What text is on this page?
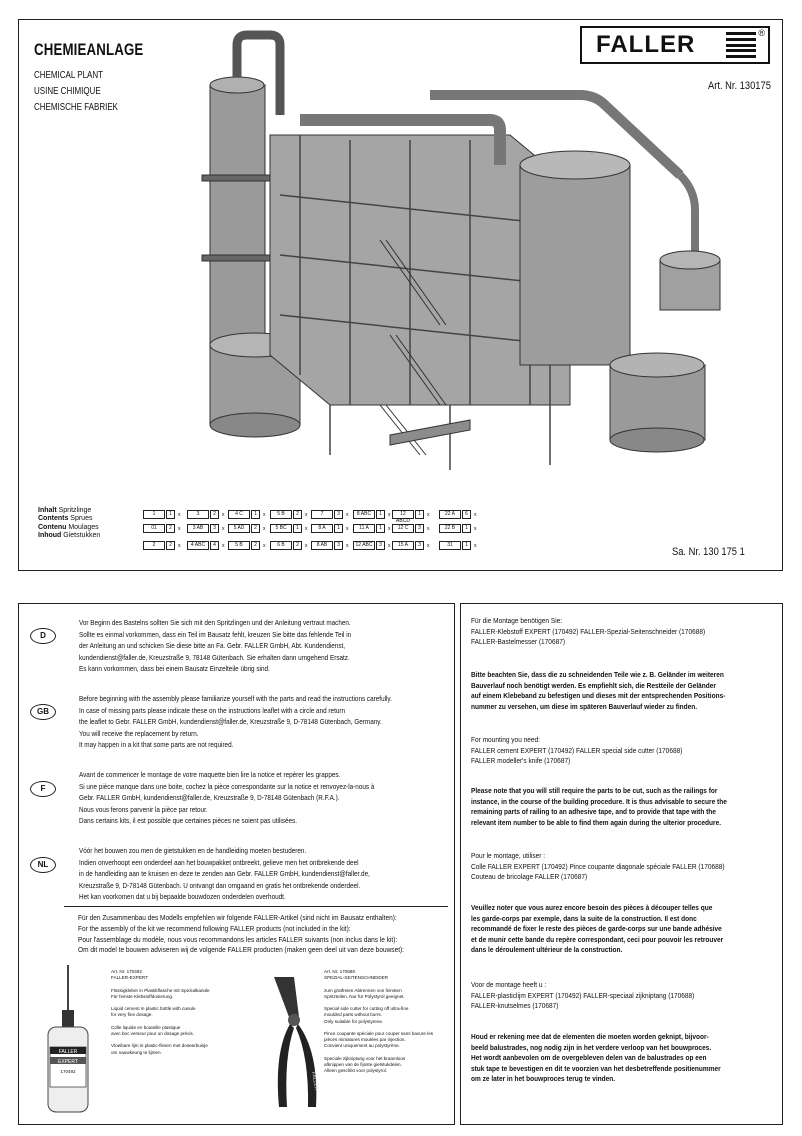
CHEMIEANLAGE
CHEMICAL PLANT
USINE CHIMIQUE
CHEMISCHE FABRIEK
FALLER	®
Art. Nr. 130175
Inhalt Spritzlinge
Contents Sprues
Contenu Moulages
Inhoud Gietstukken
1	1 x	3	2 x	4 C 1 x	5 B 2 x	7	3 x	8 ABC 1 x	12 ABCD1 x	22 A 6 x
01 2 x	3 AB 3 x	5 AD 2 x	5 BC 1 x	8 A 1 x	11 A 1 x	12 C 3 x	22 B 1 x
2	2 x	4 ABC 4 x	5 B 2 x	6 B 2 x	8 AB 3 x	12 ABC 3 x	15 A 3 x	31 1 x
Sa. Nr. 130 175 1
D
Vor Beginn des Bastelns sollten Sie sich mit den Spritzlingen und der Anleitung vertraut machen.
Sollte es einmal vorkommen, dass ein Teil im Bausatz fehlt, kreuzen Sie bitte das fehlende Teil in
der Anleitung an und schicken Sie diese bitte an Fa. Gebr. FALLER GmbH, Abt. Kundendienst,
kundendienst@faller.de, Kreuzstraße 9, 78148 Gütenbach. Sie erhalten dann umgehend Ersatz.
Es kann vorkommen, dass bei einem Bausatz Einzelteile übrig sind.
GB
Before beginning with the assembly please familiarize yourself with the parts and read the instructions carefully.
In case of missing parts please indicate these on the instructions leaflet with a circle and return
the leaflet to Gebr. FALLER GmbH, kundendienst@faller.de, Kreuzstraße 9, D-78148 Gütenbach, Germany.
You will receive the replacement by return.
It may happen in a kit that some parts are not required.
F
Avant de commencer le montage de votre maquette bien lire la notice et repérer les grappes.
Si une pièce manque dans une boite, cochez la pièce correspondante sur la notice et renvoyez-la-nous à
Gebr. FALLER GmbH, kundendienst@faller.de, Kreuzstraße 9, D-78148 Gütenbach (R.F.A.).
Nous vous ferons parvenir la pièce par retour.
Dans certains kits, il est possible que certaines pièces ne soient pas utilisées.
NL
Vóór het bouwen zou men de gietstukken en de handleiding moeten bestuderen.
Indien onverhoopt een onderdeel aan het bouwpakket ontbreekt, gelieve men het ontbrekende deel
in de handleiding aan te kruisen en deze te zenden aan Gebr. FALLER GmbH, kundendienst@faller.de,
Kreuzstraße 9, D-78148 Gütenbach. U ontvangt dan omgaand en gratis het ontbrekende onderdeel.
Het kan voorkomen dat u bij bepaalde bouwdozen onderdelen overhoudt.
Für den Zusammenbau des Modells empfehlen wir folgende FALLER-Artikel (sind nicht im Bausatz enthalten):
For the assembly of the kit we recommend following FALLER products (not included in the kit):
Pour l'assemblage du modèle, nous vous recommandons les articles FALLER suivants (non inclus dans le kit):
Om dit model te bouwen adviseren wij de volgende FALLER producten (maken geen deel uit van deze bouwset):
FALLER
EXPERT
170492
Art. Nr. 170492
FALLER-EXPERT

Flüssigkleber in Plastikflasche mit Spezialkanüle
Für feinste Klebstoffdosierung.

Liquid cement in plastic bottle with canule
for very fine dosage.

Colle liquide en bouteille plastique
avec bec verseur pour un dosage précis.

Vloeibare lijm in plastic-flesen met doseerbuisje
om nauwkeurig te lijmen.
FALLER
Art. Nr. 170688
SPEZIAL-SEITENSCHNEIDER

zum gratfreien Abtrennen von feinsten
Spritzteilen. Nur für Polystyrol geeignet.

Special side cutter for cutting off ultra-fine
moulded parts without burrs.
Only suitable for polystyrene.

Pince coupante spéciale pour couper sans bavure les
pièces miniatures moulées par injection.
Convient uniquement au polystyrène.

Speciale zijkniptang voor het braamloos
afknippen van de fijnste gietstukdelen.
Alleen geschikt voor polystyrol.
Für die Montage benötigen Sie:
FALLER-Klebstoff EXPERT (170492) FALLER-Spezial-Seitenschneider (170688)
FALLER-Bastelmesser (170687)
Bitte beachten Sie, dass die zu schneidenden Teile wie z. B. Geländer im weiteren
Bauverlauf noch benötigt werden. Es empfiehlt sich, die Restteile der Geländer
auf einem Klebeband zu befestigen und dieses mit der entsprechenden Positions-
nummer zu versehen, um diese im späteren Bauverlauf wieder zu finden.
For mounting you need:
FALLER cement EXPERT (170492) FALLER special side cutter (170688)
FALLER modeller's knife (170687)
Please note that you will still require the parts to be cut, such as the railings for
instance, in the course of the building procedure. It is thus advisable to secure the
remaining parts of railing to an adhesive tape, and to provide that tape with the
relevant item number to be able to find them again during the ulterior procedure.
Pour le montage, utiliser :
Colle FALLER EXPERT (170492) Pince coupante diagonale spéciale FALLER (170688)
Couteau de bricolage FALLER (170687)
Veuillez noter que vous aurez encore besoin des pièces à découper telles que
les garde-corps par exemple, dans la suite de la construction. Il est donc
recommandé de fixer le reste des pièces de garde-corps sur une bande adhésive
et de munir cette bande du repère correspondant, ceci pour pouvoir les retrouver
dans le déroulement ultérieur de la construction.
Voor de montage heeft u :
FALLER-plasticlijm EXPERT (170492) FALLER-speciaal zijkniptang (170688)
FALLER-knutselmes (170687)
Houd er rekening mee dat de elementen die moeten worden geknipt, bijvoor-
beeld balustrades, nog nodig zijn in het verdere verloop van het bouwproces.
Het wordt aanbevolen om de overgebleven delen van de balustrades op een
stuk tape te bevestigen en dit te voorzien van het desbetreffende positienummer
om ze later in het bouwproces terug te vinden.
